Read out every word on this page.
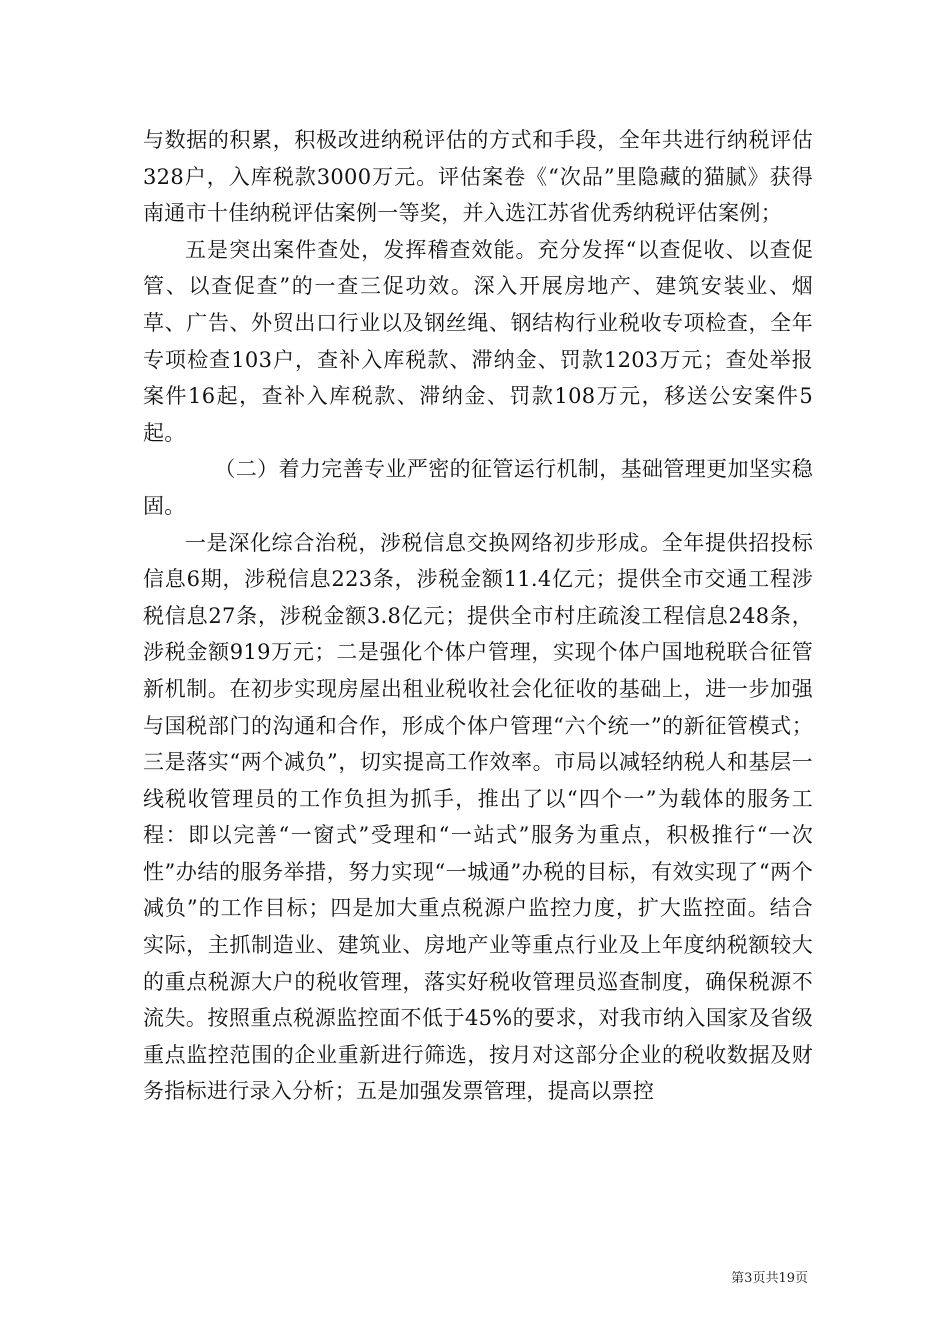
与数据的积累，积极改进纳税评估的方式和手段，全年共进行纳税评估328户，入库税款3000万元。评估案卷《“次品”里隐藏的猫腻》获得南通市十佳纳税评估案例一等奖，并入选江苏省优秀纳税评估案例；

五是突出案件查处，发挥稽查效能。充分发挥“以查促收、以查促管、以查促查”的一查三促功效。深入开展房地产、建筑安装业、烟草、广告、外贸出口行业以及钢丝绳、钢结构行业税收专项检查，全年专项检查103户，查补入库税款、滞纳金、罚款1203万元；查处举报案件16起，查补入库税款、滞纳金、罚款108万元，移送公安案件5起。

（二）着力完善专业严密的征管运行机制，基础管理更加坚实稳固。

一是深化综合治税，涉税信息交换网络初步形成。全年提供招投标信息6期，涉税信息223条，涉税金额11.4亿元；提供全市交通工程涉税信息27条，涉税金额3.8亿元；提供全市村庄疏浚工程信息248条，涉税金额919万元；二是强化个体户管理，实现个体户国地税联合征管新机制。在初步实现房屋出租业税收社会化征收的基础上，进一步加强与国税部门的沟通和合作，形成个体户管理“六个统一”的新征管模式；三是落实“两个减负”，切实提高工作效率。市局以减轻纳税人和基层一线税收管理员的工作负担为抓手，推出了以“四个一”为载体的服务工程：即以完善“一窗式”受理和“一站式”服务为重点，积极推行“一次性”办结的服务举措，努力实现“一城通”办税的目标，有效实现了“两个减负”的工作目标；四是加大重点税源户监控力度，扩大监控面。结合实际，主抓制造业、建筑业、房地产业等重点行业及上年度纳税额较大的重点税源大户的税收管理，落实好税收管理员巡查制度，确保税源不流失。按照重点税源监控面不低于45%的要求，对我市纳入国家及省级重点监控范围的企业重新进行筛选，按月对这部分企业的税收数据及财务指标进行录入分析；五是加强发票管理，提高以票控

第3页共19页
